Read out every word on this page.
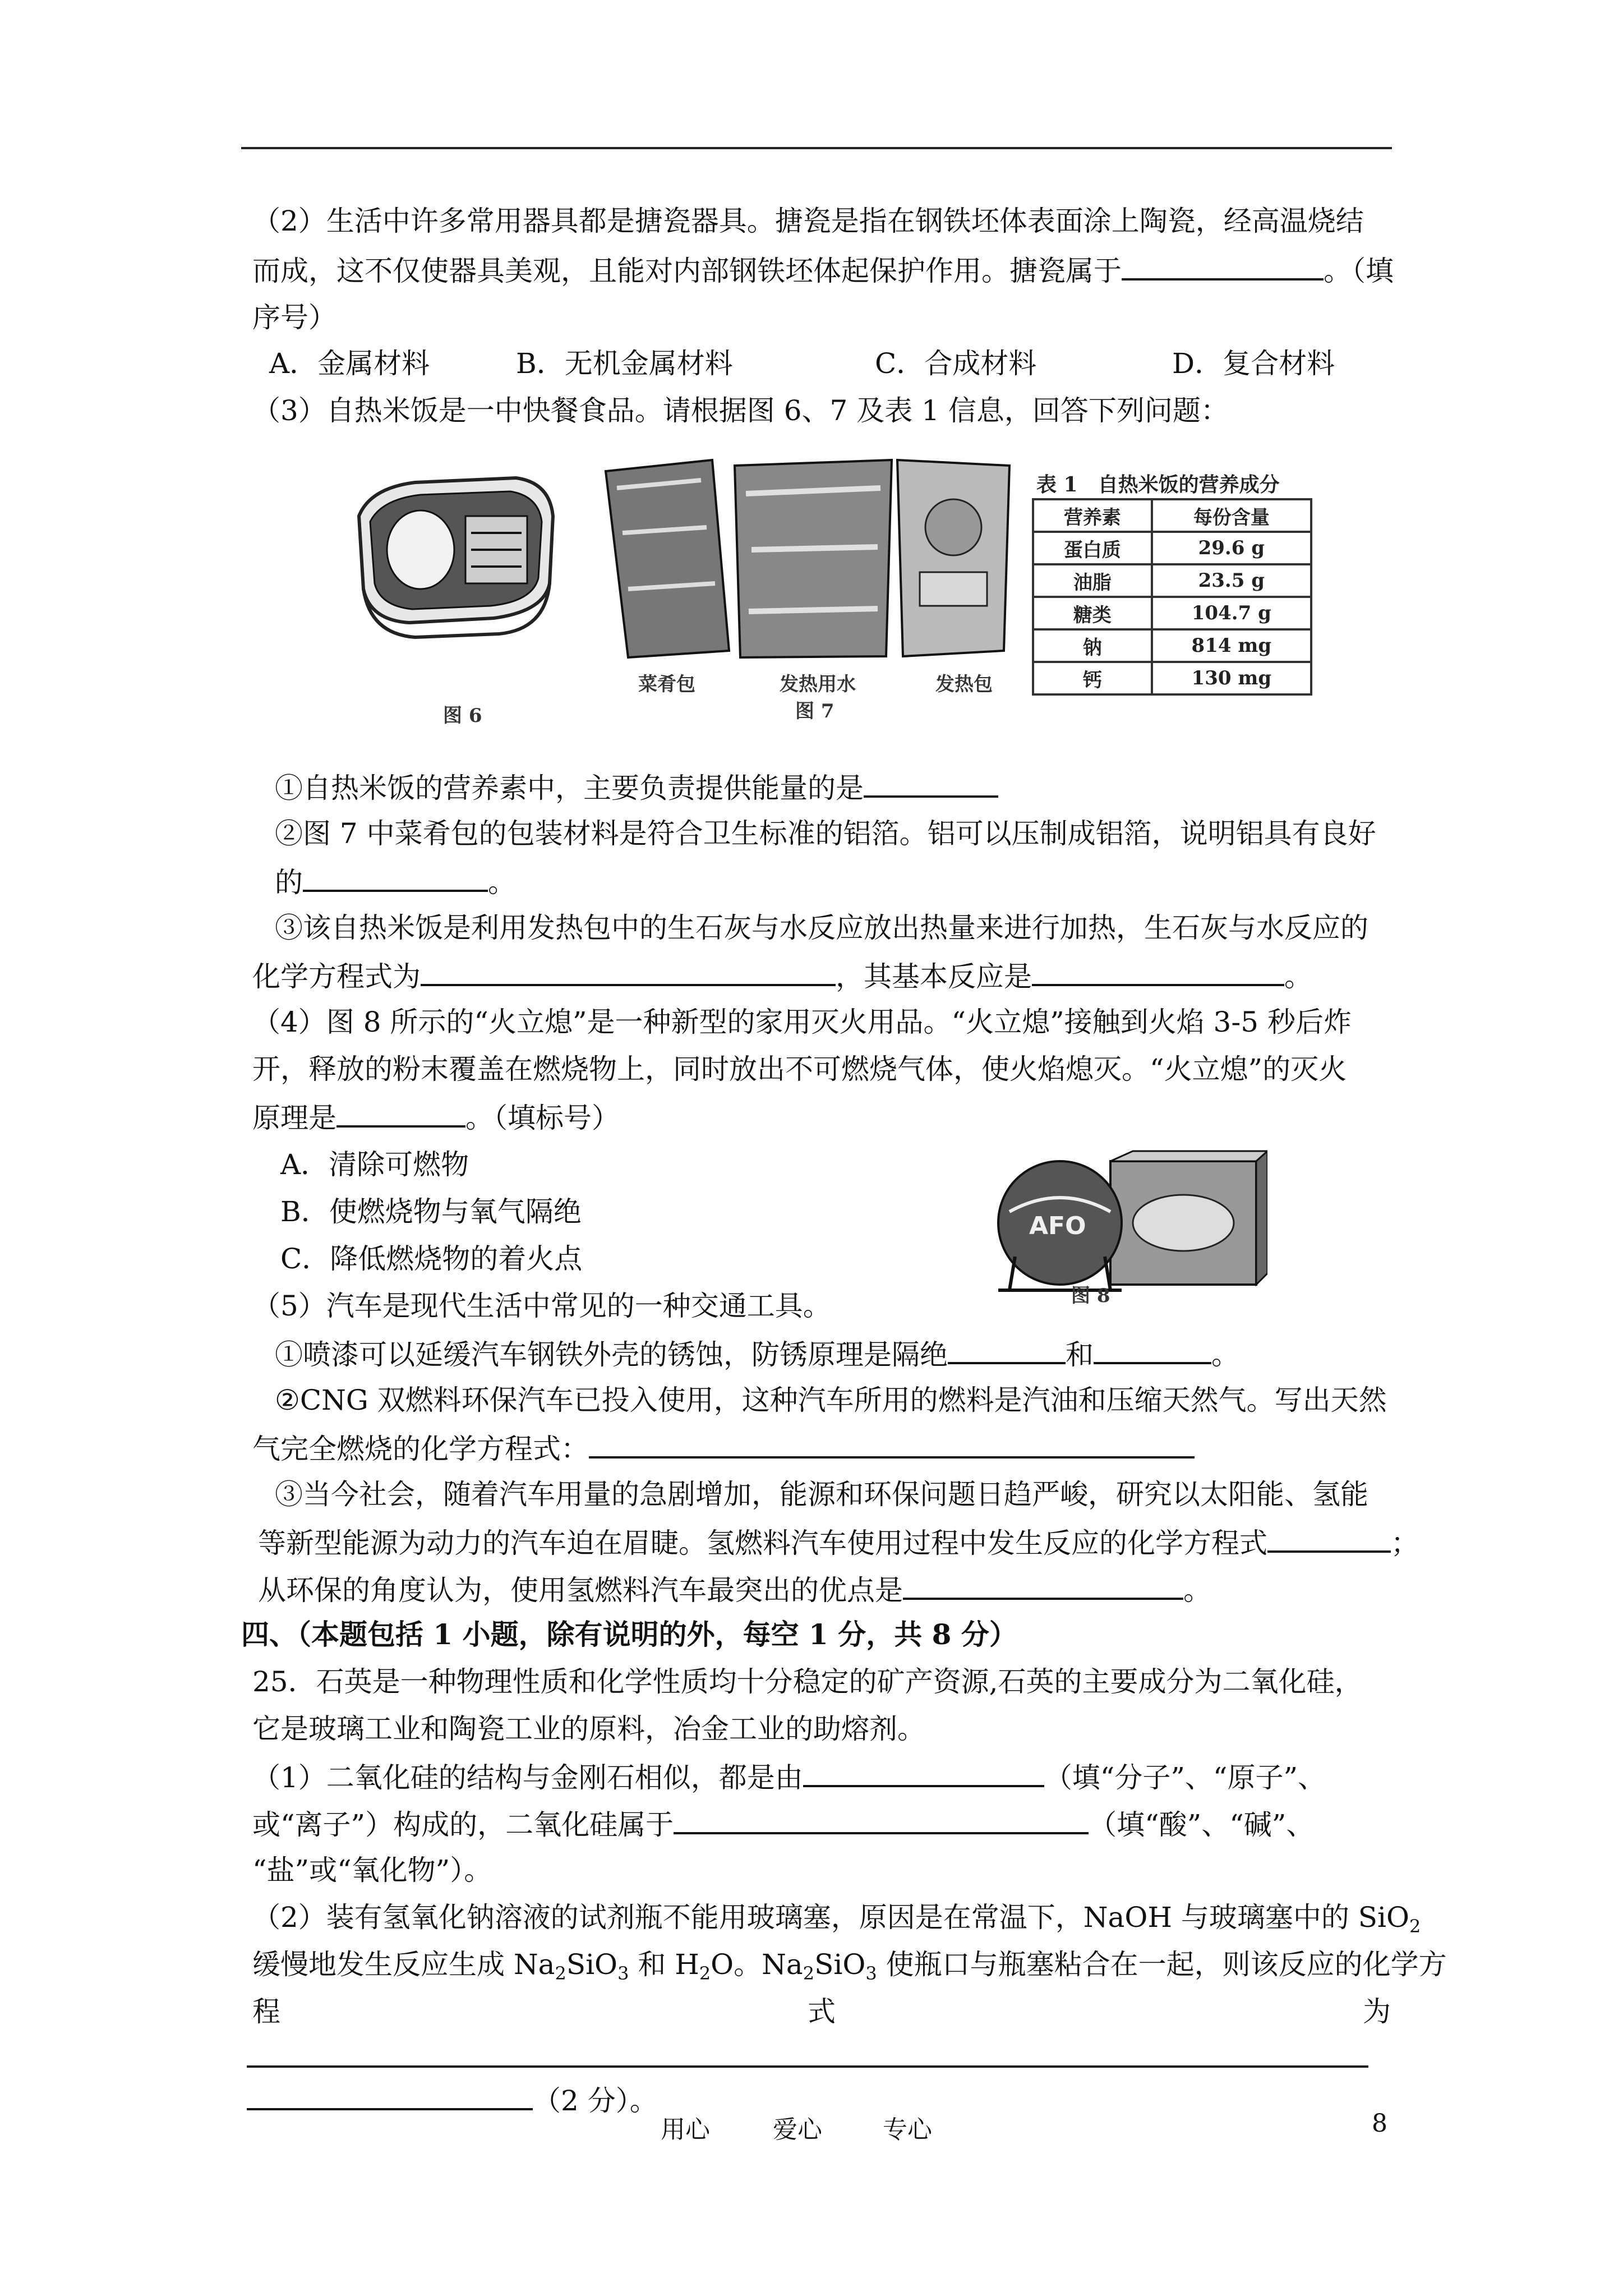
（2）生活中许多常用器具都是搪瓷器具。搪瓷是指在钢铁坯体表面涂上陶瓷，经高温烧结
而成，这不仅使器具美观，且能对内部钢铁坯体起保护作用。搪瓷属于	。（填
序号）
A．金属材料	B．无机金属材料	C．合成材料	D．复合材料
（3）自热米饭是一中快餐食品。请根据图 6、7 及表 1 信息，回答下列问题：
图 6
菜肴包	发热用水	发热包
图 7
表 1　自热米饭的营养成分
营养素	每份含量
蛋白质	29.6 g
油脂	23.5 g
糖类	104.7 g
钠	814 mg
钙	130 mg
①自热米饭的营养素中，主要负责提供能量的是
②图 7 中菜肴包的包装材料是符合卫生标准的铝箔。铝可以压制成铝箔，说明铝具有良好
的	。
③该自热米饭是利用发热包中的生石灰与水反应放出热量来进行加热，生石灰与水反应的
化学方程式为	，其基本反应是	。
（4）图 8 所示的“火立熄”是一种新型的家用灭火用品。“火立熄”接触到火焰 3-5 秒后炸
开，释放的粉末覆盖在燃烧物上，同时放出不可燃烧气体，使火焰熄灭。“火立熄”的灭火
原理是	。（填标号）
A．清除可燃物
B．使燃烧物与氧气隔绝
C．降低燃烧物的着火点
AFO
图 8
（5）汽车是现代生活中常见的一种交通工具。
①喷漆可以延缓汽车钢铁外壳的锈蚀，防锈原理是隔绝	和	。
②CNG 双燃料环保汽车已投入使用，这种汽车所用的燃料是汽油和压缩天然气。写出天然
气完全燃烧的化学方程式：
③当今社会，随着汽车用量的急剧增加，能源和环保问题日趋严峻，研究以太阳能、氢能
等新型能源为动力的汽车迫在眉睫。氢燃料汽车使用过程中发生反应的化学方程式	；
从环保的角度认为，使用氢燃料汽车最突出的优点是	。
四、（本题包括 1 小题，除有说明的外，每空 1 分，共 8 分）
25．石英是一种物理性质和化学性质均十分稳定的矿产资源,石英的主要成分为二氧化硅，
它是玻璃工业和陶瓷工业的原料，冶金工业的助熔剂。
（1）二氧化硅的结构与金刚石相似，都是由	（填“分子”、“原子”、
或“离子”）构成的，二氧化硅属于	（填“酸”、“碱”、
“盐”或“氧化物”）。
（2）装有氢氧化钠溶液的试剂瓶不能用玻璃塞，原因是在常温下，NaOH 与玻璃塞中的 SiO$_2$
缓慢地发生反应生成 $Na_2SiO_3$ 和 $H_2O$。$Na_2SiO_3$ 使瓶口与瓶塞粘合在一起，则该反应的化学方
程	式	为
（2 分）。
用心	爱心 专心	8
